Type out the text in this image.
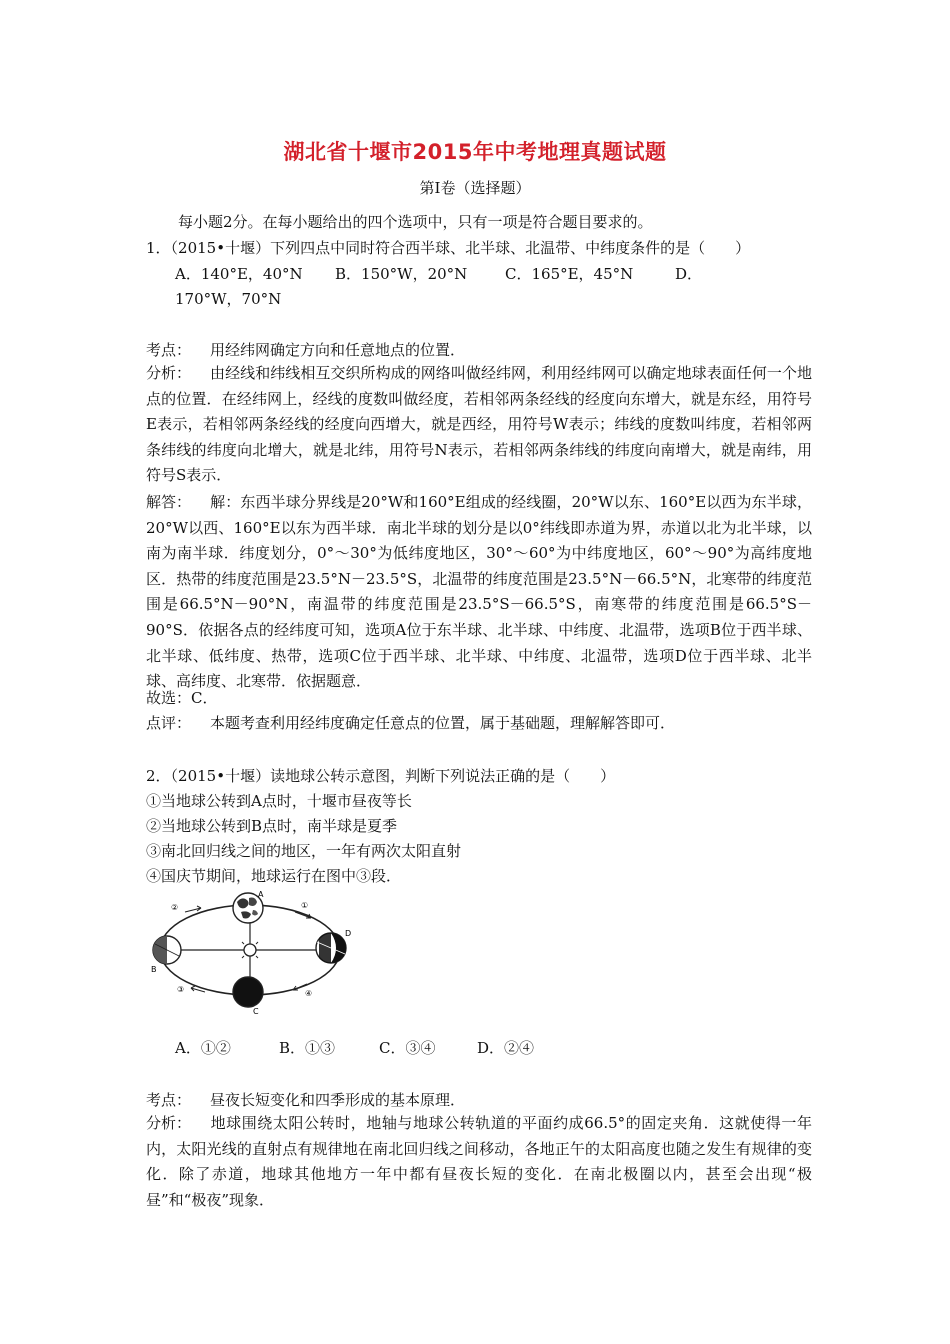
湖北省十堰市2015年中考地理真题试题
第Ⅰ卷（选择题）
每小题2分。在每小题给出的四个选项中，只有一项是符合题目要求的。
1．（2015•十堰）下列四点中同时符合西半球、北半球、北温带、中纬度条件的是（　　）
A．140°E，40°N B．150°W，20°N	C．165°E，45°N	D．
170°W，70°N
考点： 用经纬网确定方向和任意地点的位置．
分析： 由经线和纬线相互交织所构成的网络叫做经纬网，利用经纬网可以确定地球表面任何一个地点的位置．在经纬网上，经线的度数叫做经度，若相邻两条经线的经度向东增大，就是东经，用符号E表示，若相邻两条经线的经度向西增大，就是西经，用符号W表示；纬线的度数叫纬度，若相邻两条纬线的纬度向北增大，就是北纬，用符号N表示，若相邻两条纬线的纬度向南增大，就是南纬，用符号S表示．
解答： 解：东西半球分界线是20°W和160°E组成的经线圈，20°W以东、160°E以西为东半球，20°W以西、160°E以东为西半球．南北半球的划分是以0°纬线即赤道为界，赤道以北为北半球，以南为南半球．纬度划分，0°～30°为低纬度地区，30°～60°为中纬度地区，60°～90°为高纬度地区．热带的纬度范围是23.5°N－23.5°S，北温带的纬度范围是23.5°N－66.5°N，北寒带的纬度范围是66.5°N－90°N，南温带的纬度范围是23.5°S－66.5°S，南寒带的纬度范围是66.5°S－90°S．依据各点的经纬度可知，选项A位于东半球、北半球、中纬度、北温带，选项B位于西半球、北半球、低纬度、热带，选项C位于西半球、北半球、中纬度、北温带，选项D位于西半球、北半球、高纬度、北寒带．依据题意．
故选：C．
点评： 本题考查利用经纬度确定任意点的位置，属于基础题，理解解答即可．
2．（2015•十堰）读地球公转示意图，判断下列说法正确的是（　　）
①当地球公转到A点时，十堰市昼夜等长
②当地球公转到B点时，南半球是夏季
③南北回归线之间的地区，一年有两次太阳直射
④国庆节期间，地球运行在图中③段．
A
B
C
D
②	①
③	④
A．①②	B．①③	C．③④	D．②④
考点： 昼夜长短变化和四季形成的基本原理．
分析： 地球围绕太阳公转时，地轴与地球公转轨道的平面约成66.5°的固定夹角．这就使得一年内，太阳光线的直射点有规律地在南北回归线之间移动，各地正午的太阳高度也随之发生有规律的变化．除了赤道，地球其他地方一年中都有昼夜长短的变化．在南北极圈以内，甚至会出现“极昼”和“极夜”现象．
